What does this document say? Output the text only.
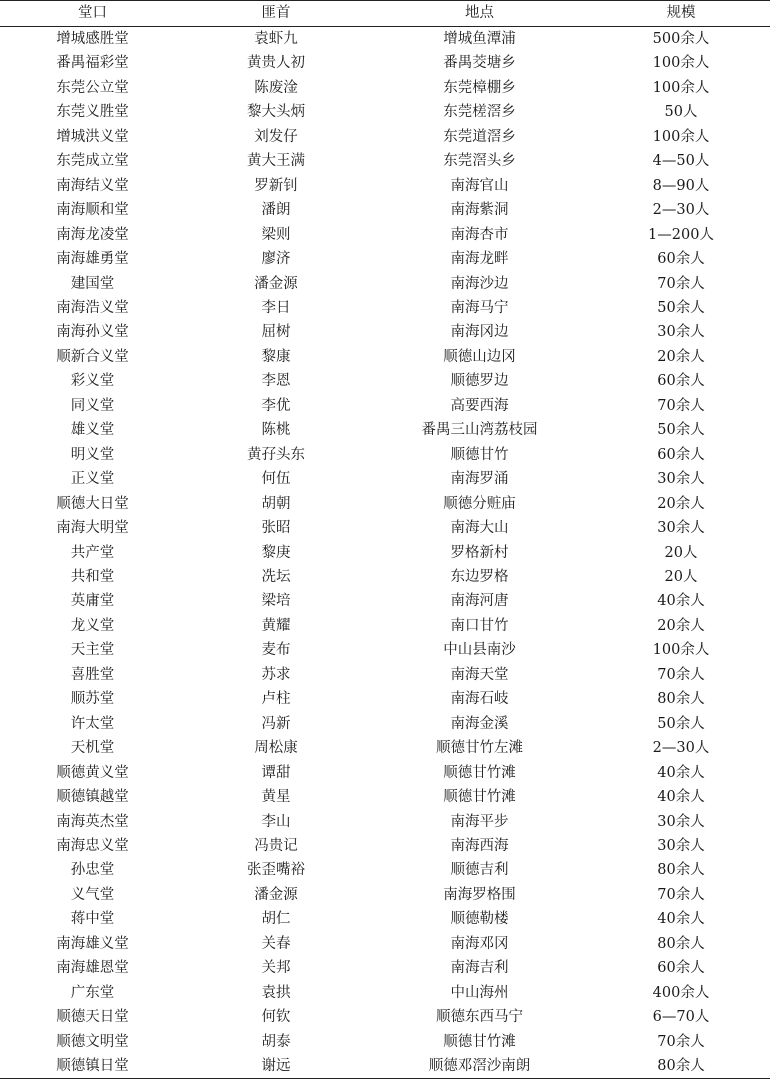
堂口	匪首	地点	规模
增城感胜堂	袁虾九	增城鱼潭浦	500余人
番禺福彩堂	黄贵人初	番禺茭塘乡	100余人
东莞公立堂	陈废淦	东莞樟棚乡	100余人
东莞义胜堂	黎大头炳	东莞槎滘乡	50人
增城洪义堂	刘发仔	东莞道滘乡	100余人
东莞成立堂	黄大王满	东莞滘头乡	4—50人
南海结义堂	罗新钊	南海官山	8—90人
南海顺和堂	潘朗	南海紫洞	2—30人
南海龙凌堂	梁则	南海杏市	1—200人
南海雄勇堂	廖济	南海龙畔	60余人
建国堂	潘金源	南海沙边	70余人
南海浩义堂	李日	南海马宁	50余人
南海孙义堂	屈树	南海冈边	30余人
顺新合义堂	黎康	顺德山边冈	20余人
彩义堂	李恩	顺德罗边	60余人
同义堂	李优	高要西海	70余人
雄义堂	陈桃	番禺三山湾荔枝园	50余人
明义堂	黄孖头东	顺德甘竹	60余人
正义堂	何伍	南海罗涌	30余人
顺德大日堂	胡朝	顺德分赃庙	20余人
南海大明堂	张昭	南海大山	30余人
共产堂	黎庚	罗格新村	20人
共和堂	冼坛	东边罗格	20人
英庸堂	梁培	南海河唐	40余人
龙义堂	黄耀	南口甘竹	20余人
天主堂	麦布	中山县南沙	100余人
喜胜堂	苏求	南海天堂	70余人
顺苏堂	卢柱	南海石岐	80余人
许太堂	冯新	南海金溪	50余人
天机堂	周松康	顺德甘竹左滩	2—30人
顺德黄义堂	谭甜	顺德甘竹滩	40余人
顺德镇越堂	黄星	顺德甘竹滩	40余人
南海英杰堂	李山	南海平步	30余人
南海忠义堂	冯贵记	南海西海	30余人
孙忠堂	张歪嘴裕	顺德吉利	80余人
义气堂	潘金源	南海罗格围	70余人
蒋中堂	胡仁	顺德勒楼	40余人
南海雄义堂	关春	南海邓冈	80余人
南海雄恩堂	关邦	南海吉利	60余人
广东堂	袁拱	中山海州	400余人
顺德天日堂	何钦	顺德东西马宁	6—70人
顺德文明堂	胡泰	顺德甘竹滩	70余人
顺德镇日堂	谢远	顺德邓滘沙南朗	80余人
